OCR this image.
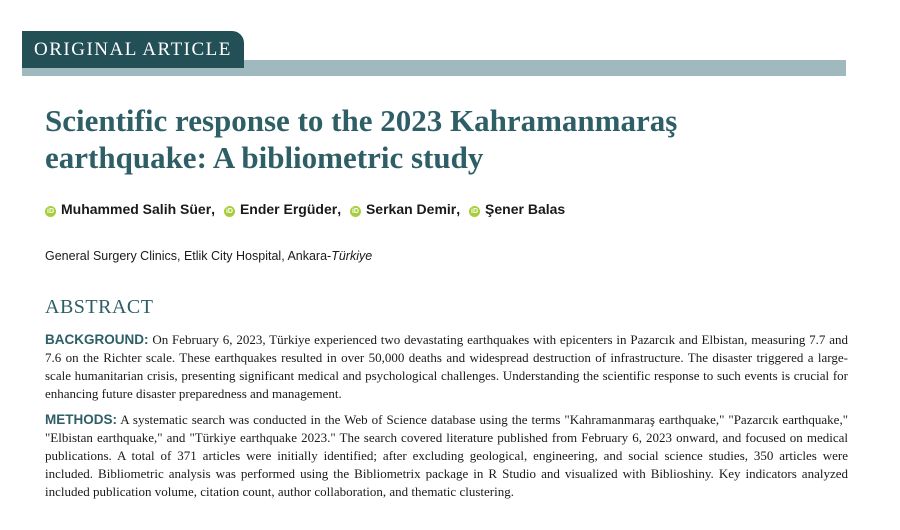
ORIGINAL ARTICLE
Scientific response to the 2023 Kahramanmaraş earthquake: A bibliometric study
iD Muhammed Salih Süer, iD Ender Ergüder, iD Serkan Demir, iD Şener Balas
General Surgery Clinics, Etlik City Hospital, Ankara-Türkiye
ABSTRACT

BACKGROUND: On February 6, 2023, Türkiye experienced two devastating earthquakes with epicenters in Pazarcık and Elbistan, measuring 7.7 and 7.6 on the Richter scale. These earthquakes resulted in over 50,000 deaths and widespread destruction of infrastructure. The disaster triggered a large-scale humanitarian crisis, presenting significant medical and psychological challenges. Understanding the scientific response to such events is crucial for enhancing future disaster preparedness and management.

METHODS: A systematic search was conducted in the Web of Science database using the terms "Kahramanmaraş earthquake," "Pazarcık earthquake," "Elbistan earthquake," and "Türkiye earthquake 2023." The search covered literature published from February 6, 2023 onward, and focused on medical publications. A total of 371 articles were initially identified; after excluding geological, engineering, and social science studies, 350 articles were included. Bibliometric analysis was performed using the Bibliometrix package in R Studio and visualized with Biblioshiny. Key indicators analyzed included publication volume, citation count, author collaboration, and thematic clustering.
